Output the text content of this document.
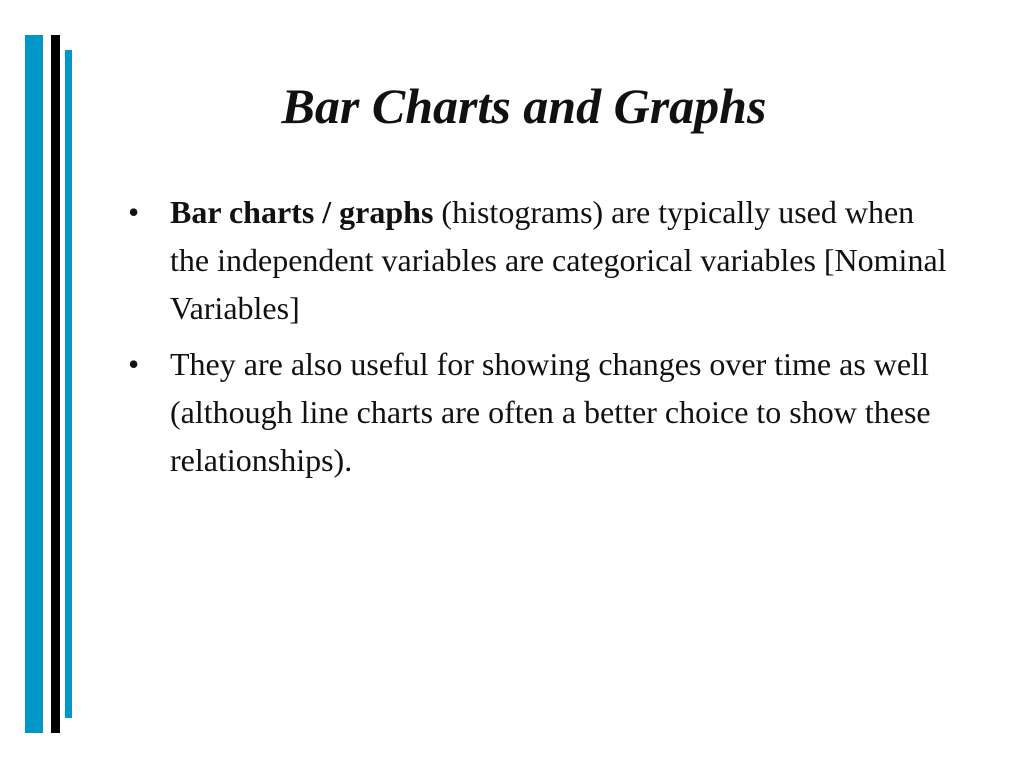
Bar Charts and Graphs
• Bar charts / graphs (histograms) are typically used when the independent variables are categorical variables [Nominal Variables]
• They are also useful for showing changes over time as well (although line charts are often a better choice to show these relationships).
